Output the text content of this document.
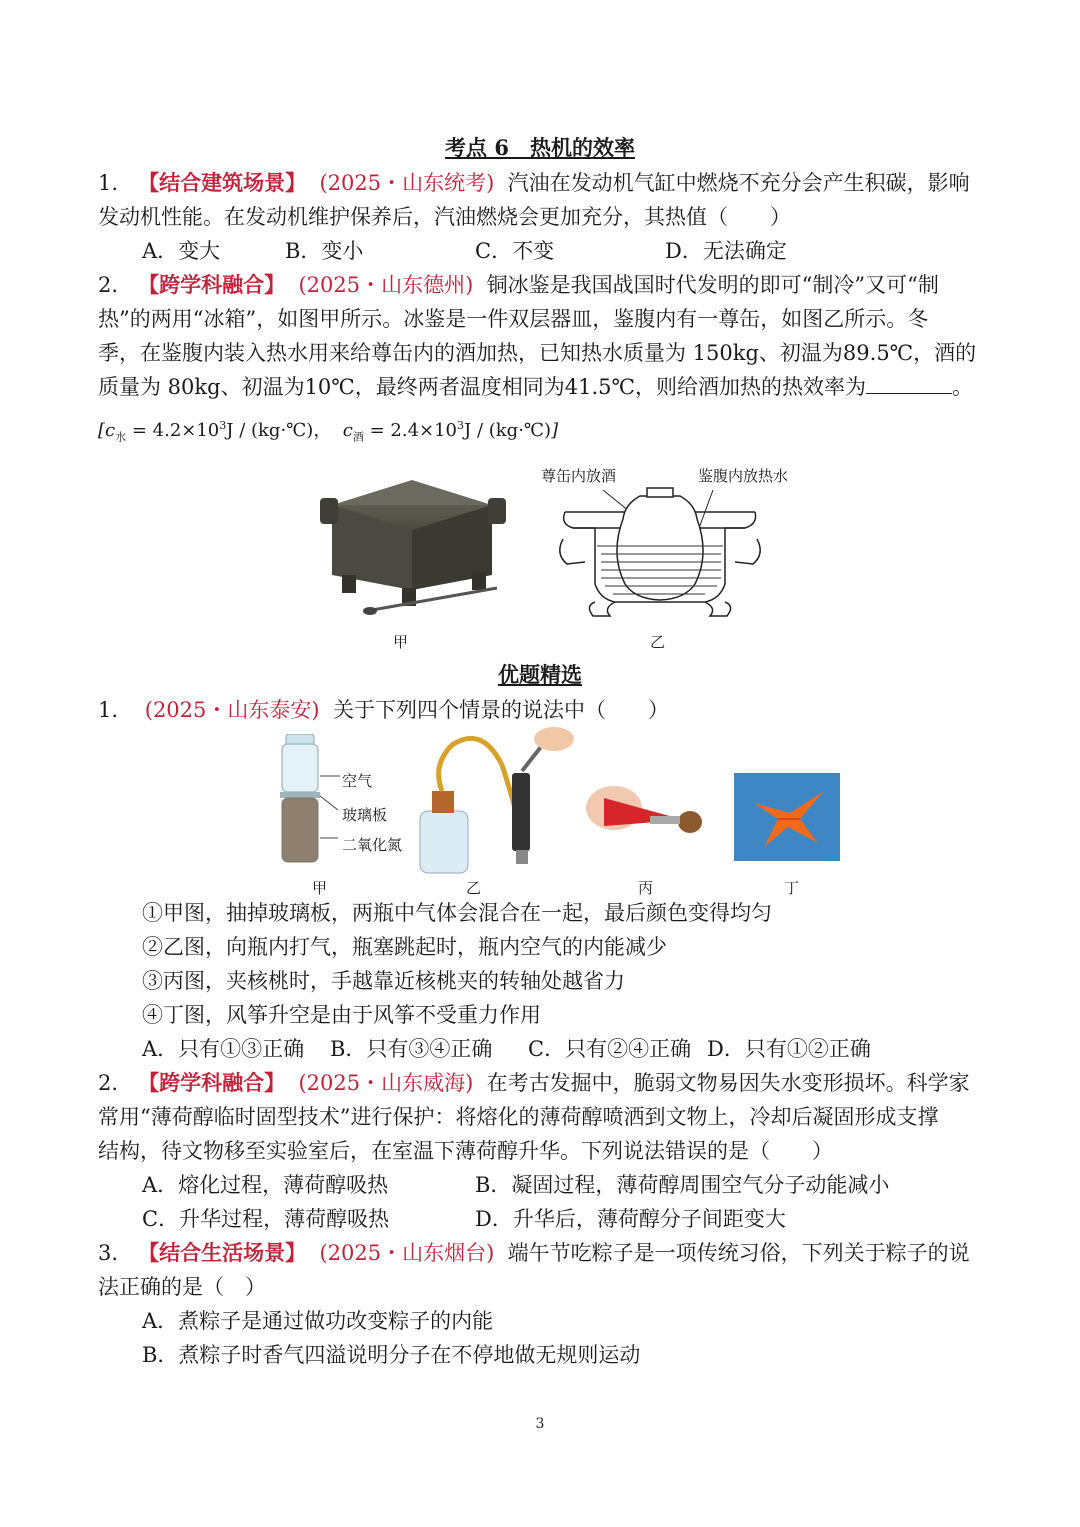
考点 6　热机的效率
1. 【结合建筑场景】 (2025・山东统考) 汽油在发动机气缸中燃烧不充分会产生积碳，影响
发动机性能。在发动机维护保养后，汽油燃烧会更加充分，其热值（　　）
A．变大	B．变小	C．不变	D．无法确定
2. 【跨学科融合】 (2025・山东德州) 铜冰鉴是我国战国时代发明的即可“制冷”又可“制
热”的两用“冰箱”，如图甲所示。冰鉴是一件双层器皿，鉴腹内有一尊缶，如图乙所示。冬
季，在鉴腹内装入热水用来给尊缶内的酒加热，已知热水质量为 150kg、初温为89.5℃，酒的
质量为 80kg、初温为10℃，最终两者温度相同为41.5℃，则给酒加热的热效率为	。
[$c_水 = 4.2\times 10^3J$ / (kg·℃)， $c_酒 = 2.4\times 10^3J$ / (kg·℃)]
甲
尊缶内放酒	鉴腹内放热水
乙
优题精选
1. (2025・山东泰安) 关于下列四个情景的说法中（　　）
空气
玻璃板
二氧化氮
甲	乙	丙	丁
①甲图，抽掉玻璃板，两瓶中气体会混合在一起，最后颜色变得均匀
②乙图，向瓶内打气，瓶塞跳起时，瓶内空气的内能减少
③丙图，夹核桃时，手越靠近核桃夹的转轴处越省力
④丁图，风筝升空是由于风筝不受重力作用
A．只有①③正确 B．只有③④正确 C．只有②④正确 D．只有①②正确
2. 【跨学科融合】 (2025・山东威海) 在考古发掘中，脆弱文物易因失水变形损坏。科学家
常用“薄荷醇临时固型技术”进行保护：将熔化的薄荷醇喷洒到文物上，冷却后凝固形成支撑
结构，待文物移至实验室后，在室温下薄荷醇升华。下列说法错误的是（　　）
A．熔化过程，薄荷醇吸热	B．凝固过程，薄荷醇周围空气分子动能减小
C．升华过程，薄荷醇吸热	D．升华后，薄荷醇分子间距变大
3. 【结合生活场景】 (2025・山东烟台) 端午节吃粽子是一项传统习俗，下列关于粽子的说
法正确的是（　）
A．煮粽子是通过做功改变粽子的内能
B．煮粽子时香气四溢说明分子在不停地做无规则运动
3
